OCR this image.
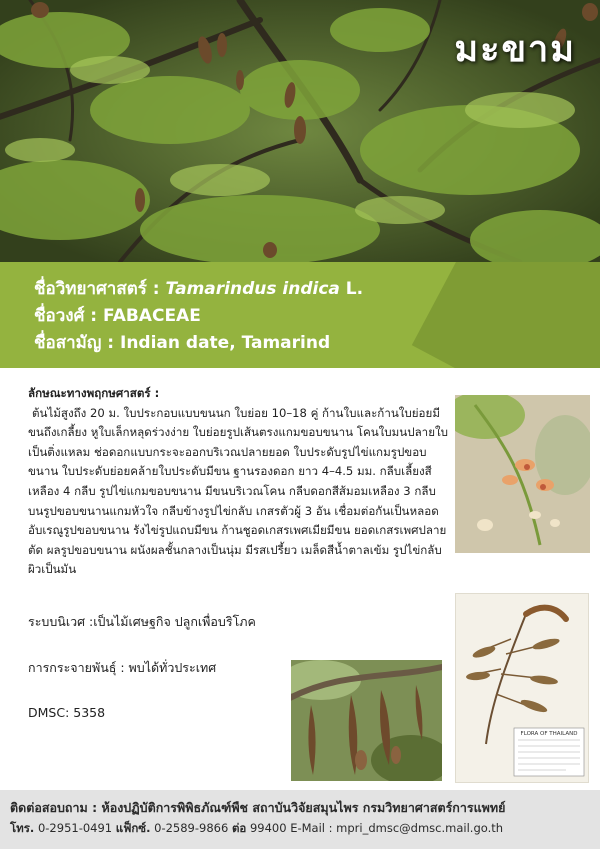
มะขาม
ชื่อวิทยาศาสตร์ : Tamarindus indica L.
ชื่อวงศ์ : FABACEAE
ชื่อสามัญ : Indian date, Tamarind
ลักษณะทางพฤกษศาสตร์ :
ต้นไม้สูงถึง 20 ม. ใบประกอบแบบขนนก ใบย่อย 10–18 คู่ ก้านใบและก้านใบย่อยมีขนถึงเกลี้ยง หูใบเล็กหลุดร่วงง่าย ใบย่อยรูปเส้นตรงแกมขอบขนาน โคนใบมนปลายใบเป็นติ่งแหลม ช่อดอกแบบกระจะออกบริเวณปลายยอด ใบประดับรูปไข่แกมรูปขอบขนาน ใบประดับย่อยคล้ายใบประดับมีขน ฐานรองดอก ยาว 4–4.5 มม. กลีบเลี้ยงสีเหลือง 4 กลีบ รูปไข่แกมขอบขนาน มีขนบริเวณโคน กลีบดอกสีส้มอมเหลือง 3 กลีบบนรูปขอบขนานแกมหัวใจ กลีบข้างรูปไข่กลับ เกสรตัวผู้ 3 อัน เชื่อมต่อกันเป็นหลอด อับเรณูรูปขอบขนาน รังไข่รูปแถบมีขน ก้านชูอดเกสรเพศเมียมีขน ยอดเกสรเพศปลายตัด ผลรูปขอบขนาน ผนังผลชั้นกลางเป็นนุ่ม มีรสเปรี้ยว เมล็ดสีน้ำตาลเข้ม รูปไข่กลับ ผิวเป็นมัน
ระบบนิเวศ :เป็นไม้เศษฐกิจ ปลูกเพื่อบริโภค
การกระจายพันธุ์ : พบได้ทั่วประเทศ
DMSC: 5358
FLORA OF THAILAND
ติดต่อสอบถาม : ห้องปฏิบัติการพิพิธภัณฑ์พืช สถาบันวิจัยสมุนไพร กรมวิทยาศาสตร์การแพทย์
โทร. 0-2951-0491 แฟ็กซ์. 0-2589-9866 ต่อ 99400 E-Mail : mpri_dmsc@dmsc.mail.go.th
